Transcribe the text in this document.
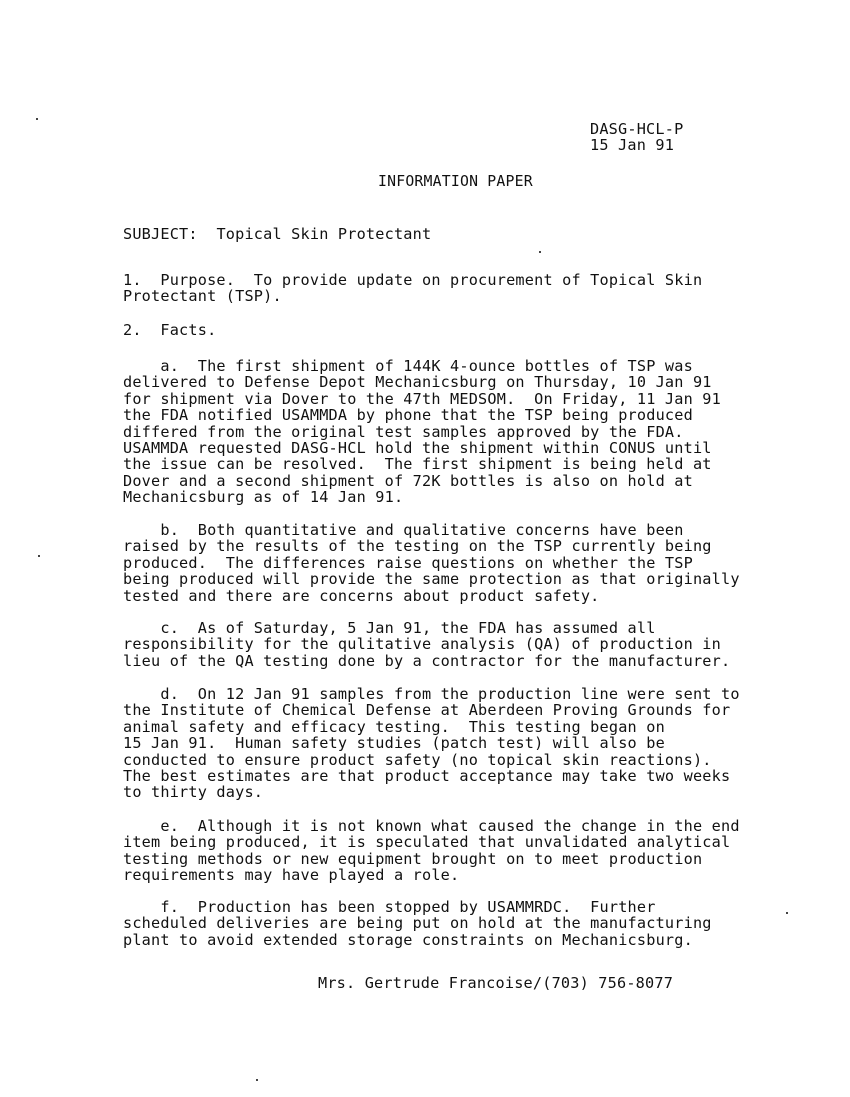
DASG-HCL-P
15 Jan 91
INFORMATION PAPER
SUBJECT: Topical Skin Protectant
1.  Purpose.  To provide update on procurement of Topical Skin
Protectant (TSP).
2.  Facts.
a.  The first shipment of 144K 4-ounce bottles of TSP was
delivered to Defense Depot Mechanicsburg on Thursday, 10 Jan 91
for shipment via Dover to the 47th MEDSOM.  On Friday, 11 Jan 91
the FDA notified USAMMDA by phone that the TSP being produced
differed from the original test samples approved by the FDA.
USAMMDA requested DASG-HCL hold the shipment within CONUS until
the issue can be resolved.  The first shipment is being held at
Dover and a second shipment of 72K bottles is also on hold at
Mechanicsburg as of 14 Jan 91.
b.  Both quantitative and qualitative concerns have been
raised by the results of the testing on the TSP currently being
produced.  The differences raise questions on whether the TSP
being produced will provide the same protection as that originally
tested and there are concerns about product safety.
c.  As of Saturday, 5 Jan 91, the FDA has assumed all
responsibility for the qulitative analysis (QA) of production in
lieu of the QA testing done by a contractor for the manufacturer.
d.  On 12 Jan 91 samples from the production line were sent to
the Institute of Chemical Defense at Aberdeen Proving Grounds for
animal safety and efficacy testing.  This testing began on
15 Jan 91.  Human safety studies (patch test) will also be
conducted to ensure product safety (no topical skin reactions).
The best estimates are that product acceptance may take two weeks
to thirty days.
e.  Although it is not known what caused the change in the end
item being produced, it is speculated that unvalidated analytical
testing methods or new equipment brought on to meet production
requirements may have played a role.
f.  Production has been stopped by USAMMRDC.  Further
scheduled deliveries are being put on hold at the manufacturing
plant to avoid extended storage constraints on Mechanicsburg.
Mrs. Gertrude Francoise/(703) 756-8077
